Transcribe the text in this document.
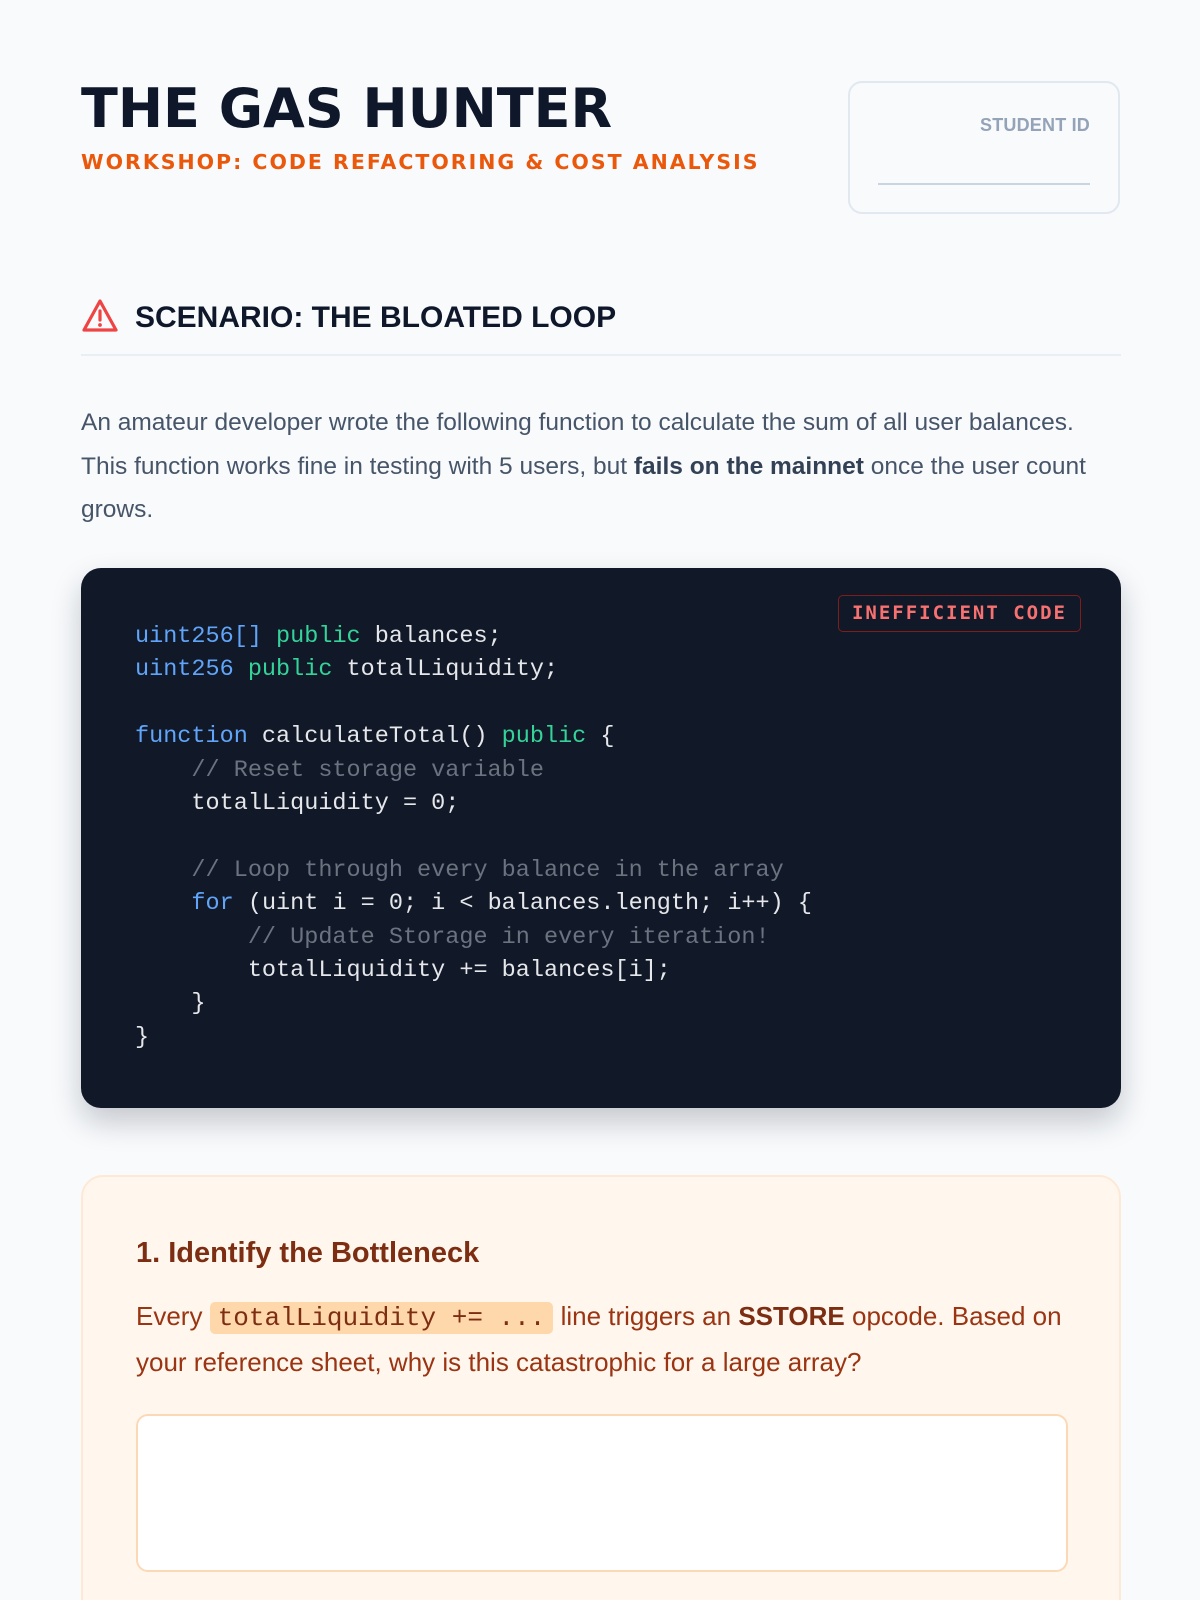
THE GAS HUNTER
WORKSHOP: CODE REFACTORING & COST ANALYSIS
STUDENT ID
SCENARIO: THE BLOATED LOOP

An amateur developer wrote the following function to calculate the sum of all user balances. This function works fine in testing with 5 users, but fails on the mainnet once the user count grows.

INEFFICIENT CODE
uint256[] public balances;
uint256 public totalLiquidity;

function calculateTotal() public {
// Reset storage variable
totalLiquidity = 0;

// Loop through every balance in the array
for (uint i = 0; i < balances.length; i++) {
// Update Storage in every iteration!
totalLiquidity += balances[i];
}
}
1. Identify the Bottleneck
Every totalLiquidity += ... line triggers an SSTORE opcode. Based on your reference sheet, why is this catastrophic for a large array?
